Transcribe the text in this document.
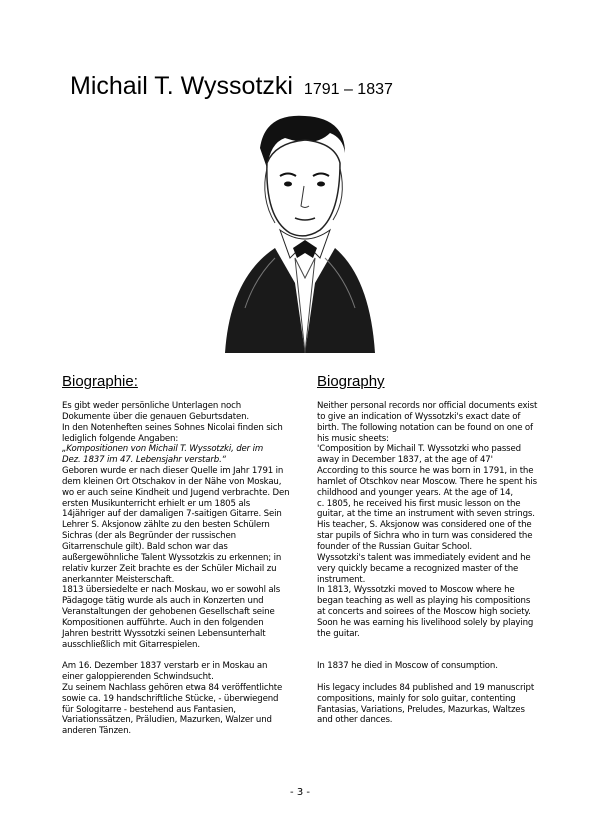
Michail T. Wyssotzki 1791 – 1837
Biographie:	Biography
Es gibt weder persönliche Unterlagen noch
Dokumente über die genauen Geburtsdaten.
In den Notenheften seines Sohnes Nicolai finden sich
lediglich folgende Angaben:
„Kompositionen von Michail T. Wyssotzki, der im
Dez. 1837 im 47. Lebensjahr verstarb.“
Geboren wurde er nach dieser Quelle im Jahr 1791 in
dem kleinen Ort Otschakov in der Nähe von Moskau,
wo er auch seine Kindheit und Jugend verbrachte. Den
ersten Musikunterricht erhielt er um 1805 als
14jähriger auf der damaligen 7-saitigen Gitarre. Sein
Lehrer S. Aksjonow zählte zu den besten Schülern
Sichras (der als Begründer der russischen
Gitarrenschule gilt). Bald schon war das
außergewöhnliche Talent Wyssotzkis zu erkennen; in
relativ kurzer Zeit brachte es der Schüler Michail zu
anerkannter Meisterschaft.
1813 übersiedelte er nach Moskau, wo er sowohl als
Pädagoge tätig wurde als auch in Konzerten und
Veranstaltungen der gehobenen Gesellschaft seine
Kompositionen aufführte. Auch in den folgenden
Jahren bestritt Wyssotzki seinen Lebensunterhalt
ausschließlich mit Gitarrespielen.
Am 16. Dezember 1837 verstarb er in Moskau an
einer galoppierenden Schwindsucht.
Zu seinem Nachlass gehören etwa 84 veröffentlichte
sowie ca. 19 handschriftliche Stücke, - überwiegend
für Sologitarre - bestehend aus Fantasien,
Variationssätzen, Präludien, Mazurken, Walzer und
anderen Tänzen.
Neither personal records nor official documents exist
to give an indication of Wyssotzki's exact date of
birth. The following notation can be found on one of
his music sheets:
'Composition by Michail T. Wyssotzki who passed
away in December 1837, at the age of 47'
According to this source he was born in 1791, in the
hamlet of Otschkov near Moscow. There he spent his
childhood and younger years. At the age of 14,
c. 1805, he received his first music lesson on the
guitar, at the time an instrument with seven strings.
His teacher, S. Aksjonow was considered one of the
star pupils of Sichra who in turn was considered the
founder of the Russian Guitar School.
Wyssotzki's talent was immediately evident and he
very quickly became a recognized master of the
instrument.
In 1813, Wyssotzki moved to Moscow where he
began teaching as well as playing his compositions
at concerts and soirees of the Moscow high society.
Soon he was earning his livelihood solely by playing
the guitar.
In 1837 he died in Moscow of consumption.
His legacy includes 84 published and 19 manuscript
compositions, mainly for solo guitar, contenting
Fantasias, Variations, Preludes, Mazurkas, Waltzes
and other dances.
- 3 -
